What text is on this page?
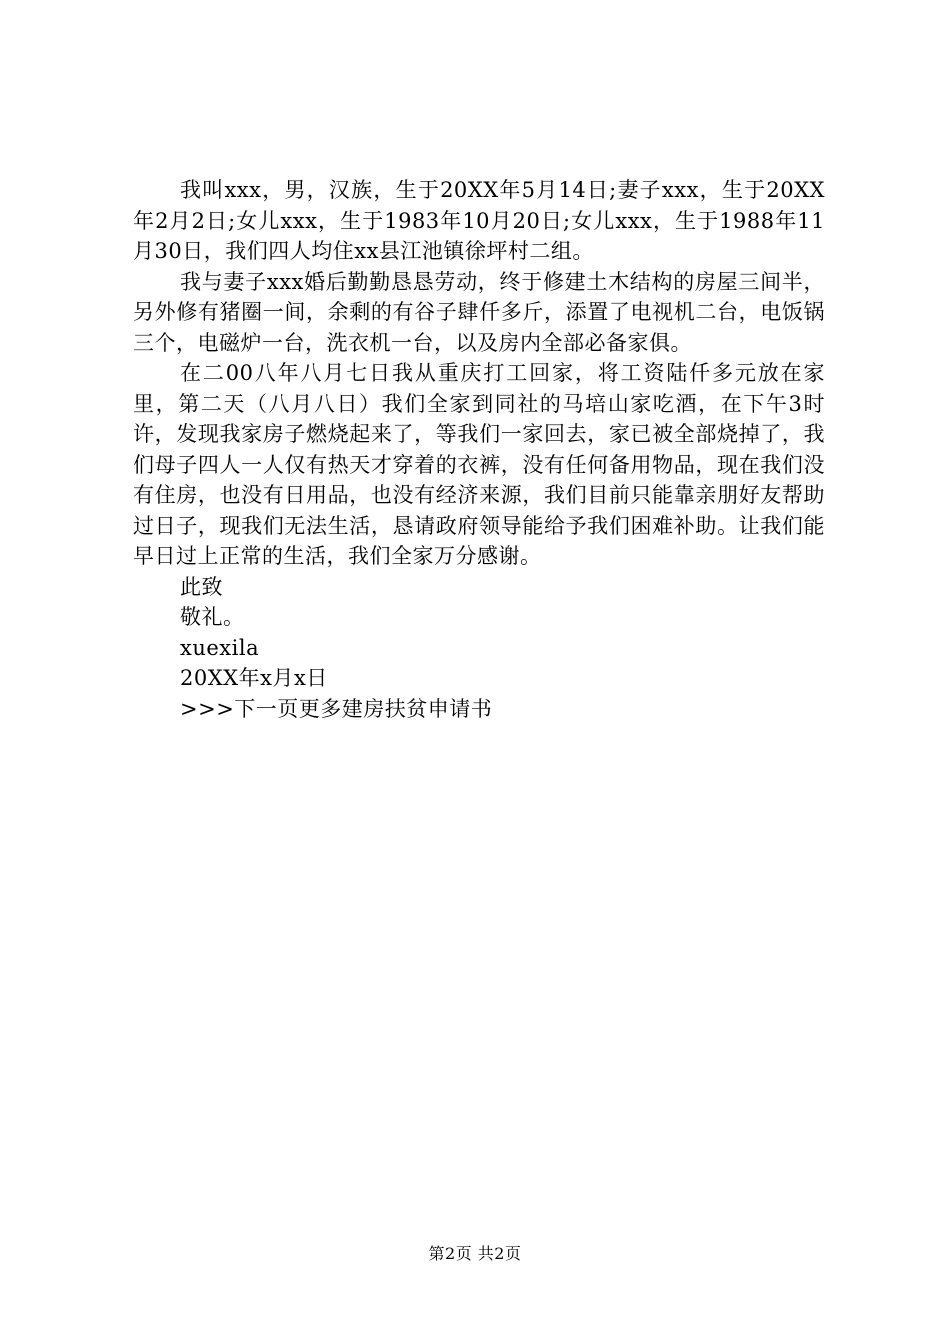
我叫xxx，男，汉族，生于20XX年5月14日;妻子xxx，生于20XX年2月2日;女儿xxx，生于1983年10月20日;女儿xxx，生于1988年11月30日，我们四人均住xx县江池镇徐坪村二组。

我与妻子xxx婚后勤勤恳恳劳动，终于修建土木结构的房屋三间半，另外修有猪圈一间，余剩的有谷子肆仟多斤，添置了电视机二台，电饭锅三个，电磁炉一台，洗衣机一台，以及房内全部必备家俱。

在二00八年八月七日我从重庆打工回家，将工资陆仟多元放在家里，第二天（八月八日）我们全家到同社的马培山家吃酒，在下午3时许，发现我家房子燃烧起来了，等我们一家回去，家已被全部烧掉了，我们母子四人一人仅有热天才穿着的衣裤，没有任何备用物品，现在我们没有住房，也没有日用品，也没有经济来源，我们目前只能靠亲朋好友帮助过日子，现我们无法生活，恳请政府领导能给予我们困难补助。让我们能早日过上正常的生活，我们全家万分感谢。

此致
敬礼。
xuexila
20XX年x月x日
>>>下一页更多建房扶贫申请书
第2页 共2页
